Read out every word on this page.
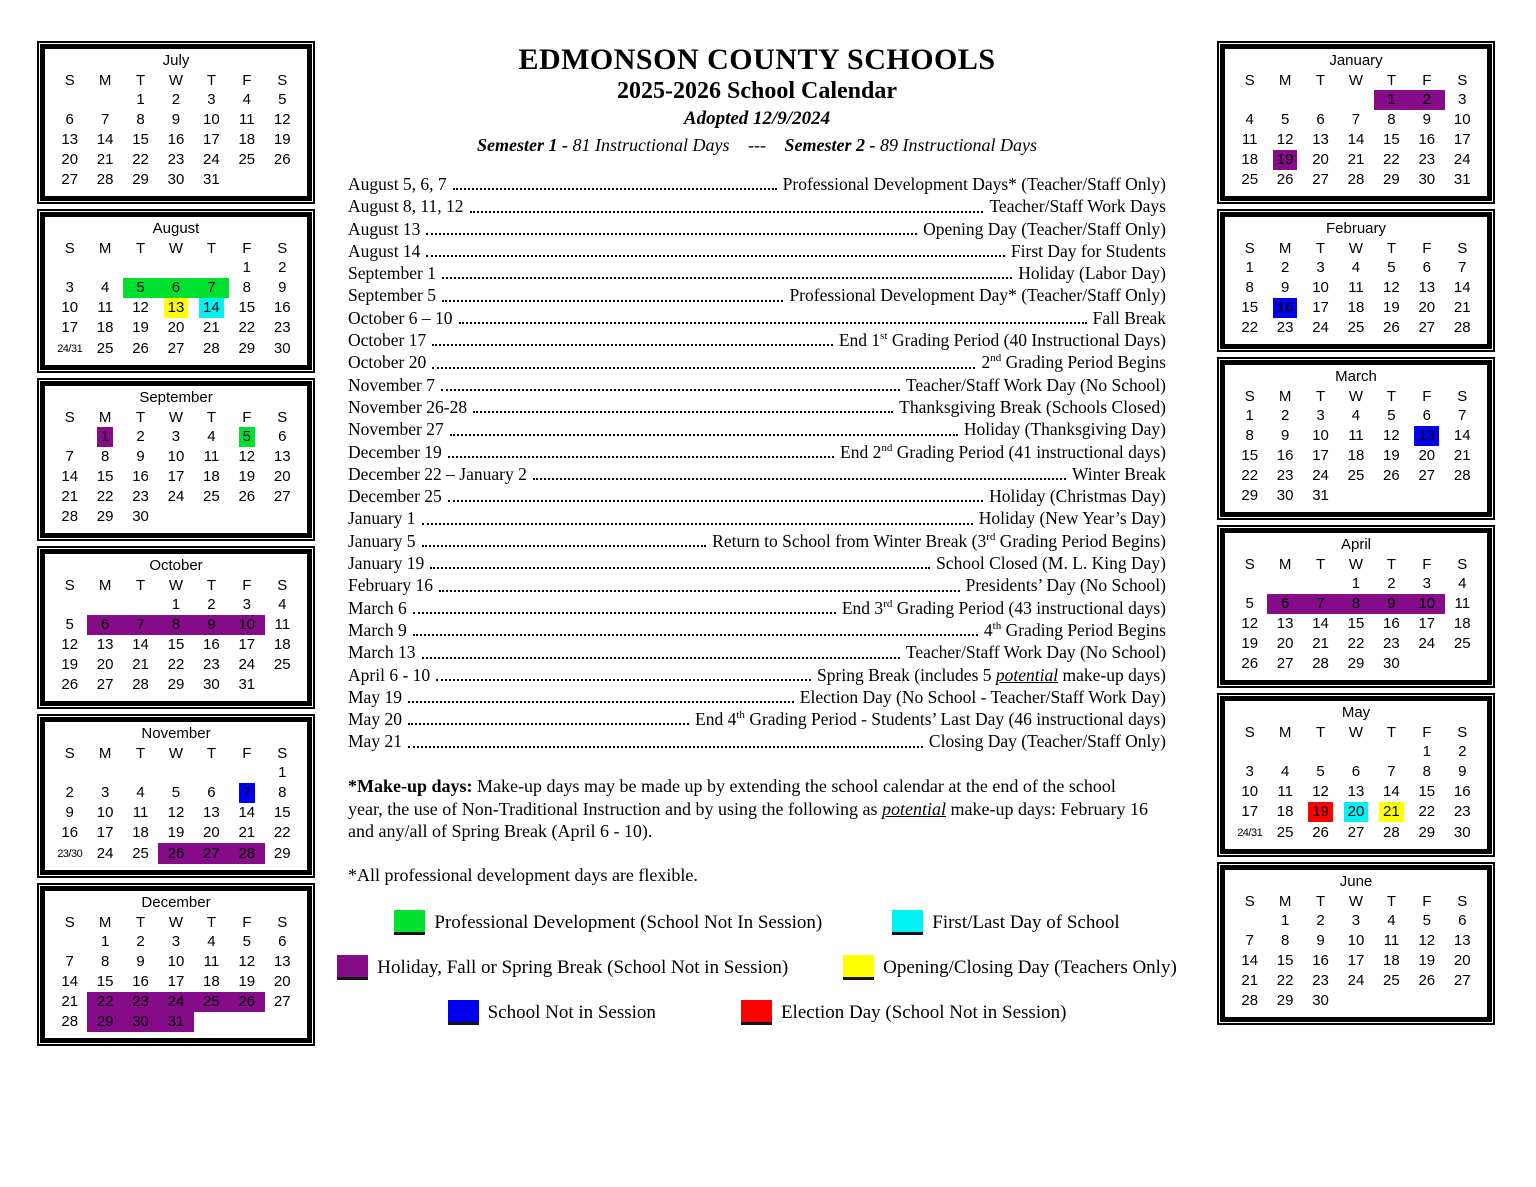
July
S	M	T	W	T	F	S
		1	2	3	4	5
6	7	8	9	10	11	12
13	14	15	16	17	18	19
20	21	22	23	24	25	26
27	28	29	30	31		
August
S	M	T	W	T	F	S
					1	2
3	4	5	6	7	8	9
10	11	12	13	14	15	16
17	18	19	20	21	22	23
24/31	25	26	27	28	29	30
September
S	M	T	W	T	F	S
	1	2	3	4	5	6
7	8	9	10	11	12	13
14	15	16	17	18	19	20
21	22	23	24	25	26	27
28	29	30				
October
S	M	T	W	T	F	S
			1	2	3	4
5	6	7	8	9	10	11
12	13	14	15	16	17	18
19	20	21	22	23	24	25
26	27	28	29	30	31	
November
S	M	T	W	T	F	S
						1
2	3	4	5	6	7	8
9	10	11	12	13	14	15
16	17	18	19	20	21	22
23/30	24	25	26	27	28	29
December
S	M	T	W	T	F	S
	1	2	3	4	5	6
7	8	9	10	11	12	13
14	15	16	17	18	19	20
21	22	23	24	25	26	27
28	29	30	31			
EDMONSON COUNTY SCHOOLS
2025-2026 School Calendar
Adopted 12/9/2024
Semester 1 - 81 Instructional Days --- Semester 2 - 89 Instructional Days
August 5, 6, 7	Professional Development Days* (Teacher/Staff Only)
August 8, 11, 12	Teacher/Staff Work Days
August 13	Opening Day (Teacher/Staff Only)
August 14	First Day for Students
September 1	Holiday (Labor Day)
September 5	Professional Development Day* (Teacher/Staff Only)
October 6 – 10	Fall Break
October 17	End 1st Grading Period (40 Instructional Days)
October 20	2nd Grading Period Begins
November 7	Teacher/Staff Work Day (No School)
November 26-28	Thanksgiving Break (Schools Closed)
November 27	Holiday (Thanksgiving Day)
December 19	End 2nd Grading Period (41 instructional days)
December 22 – January 2	Winter Break
December 25	Holiday (Christmas Day)
January 1	Holiday (New Year’s Day)
January 5	Return to School from Winter Break (3rd Grading Period Begins)
January 19	School Closed (M. L. King Day)
February 16	Presidents’ Day (No School)
March 6	End 3rd Grading Period (43 instructional days)
March 9	4th Grading Period Begins
March 13	Teacher/Staff Work Day (No School)
April 6 - 10	Spring Break (includes 5 potential make-up days)
May 19	Election Day (No School - Teacher/Staff Work Day)
May 20	End 4th Grading Period - Students’ Last Day (46 instructional days)
May 21	Closing Day (Teacher/Staff Only)
*Make-up days: Make-up days may be made up by extending the school calendar at the end of the school year, the use of Non-Traditional Instruction and by using the following as potential make-up days: February 16 and any/all of Spring Break (April 6 - 10).
*All professional development days are flexible.
Professional Development (School Not In Session)	First/Last Day of School
Holiday, Fall or Spring Break (School Not in Session)	Opening/Closing Day (Teachers Only)
School Not in Session	Election Day (School Not in Session)
January
S	M	T	W	T	F	S
				1	2	3
4	5	6	7	8	9	10
11	12	13	14	15	16	17
18	19	20	21	22	23	24
25	26	27	28	29	30	31
February
S	M	T	W	T	F	S
1	2	3	4	5	6	7
8	9	10	11	12	13	14
15	16	17	18	19	20	21
22	23	24	25	26	27	28
March
S	M	T	W	T	F	S
1	2	3	4	5	6	7
8	9	10	11	12	13	14
15	16	17	18	19	20	21
22	23	24	25	26	27	28
29	30	31				
April
S	M	T	W	T	F	S
			1	2	3	4
5	6	7	8	9	10	11
12	13	14	15	16	17	18
19	20	21	22	23	24	25
26	27	28	29	30		
May
S	M	T	W	T	F	S
					1	2
3	4	5	6	7	8	9
10	11	12	13	14	15	16
17	18	19	20	21	22	23
24/31	25	26	27	28	29	30
June
S	M	T	W	T	F	S
	1	2	3	4	5	6
7	8	9	10	11	12	13
14	15	16	17	18	19	20
21	22	23	24	25	26	27
28	29	30				
